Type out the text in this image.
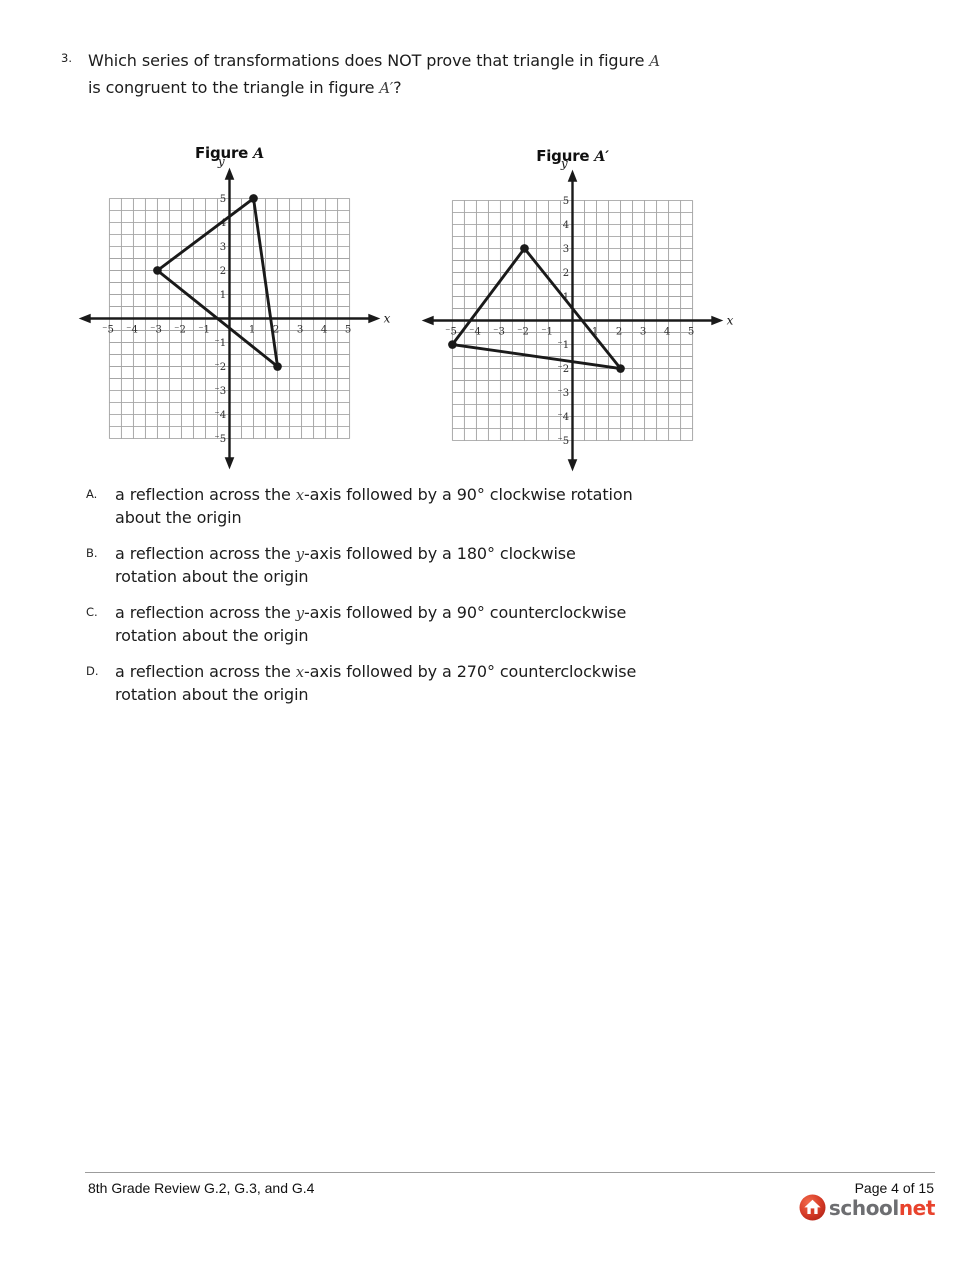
3.	Which series of transformations does NOT prove that triangle in figure A
is congruent to the triangle in figure A′?
Figure A	Figure A′
A.	a reflection across the x-axis followed by a 90° clockwise rotation
about the origin
B.	a reflection across the y-axis followed by a 180° clockwise
rotation about the origin
C.	a reflection across the y-axis followed by a 90° counterclockwise
rotation about the origin
D.	a reflection across the x-axis followed by a 270° counterclockwise
rotation about the origin
8th Grade Review G.2, G.3, and G.4	Page 4 of 15
schoolnet
